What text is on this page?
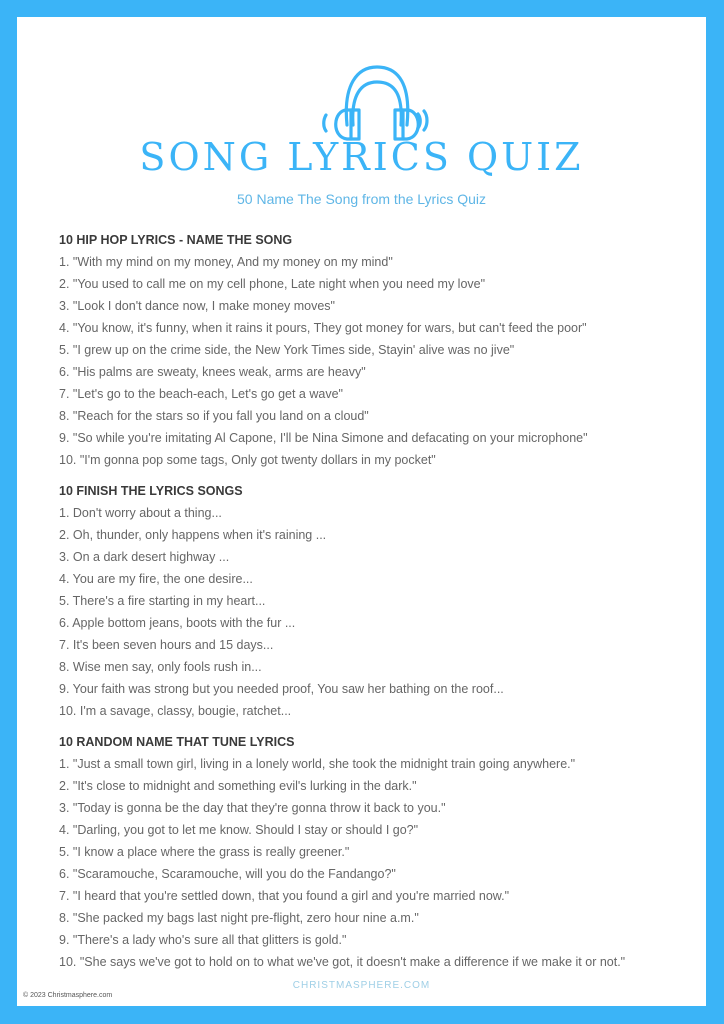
SONG LYRICS QUIZ
50 Name The Song from the Lyrics Quiz
10 HIP HOP LYRICS - NAME THE SONG
1. "With my mind on my money, And my money on my mind"
2. "You used to call me on my cell phone, Late night when you need my love"
3. "Look I don't dance now, I make money moves"
4. "You know, it's funny, when it rains it pours, They got money for wars, but can't feed the poor"
5. "I grew up on the crime side, the New York Times side, Stayin' alive was no jive"
6. "His palms are sweaty, knees weak, arms are heavy"
7. "Let's go to the beach-each, Let's go get a wave"
8. "Reach for the stars so if you fall you land on a cloud"
9. "So while you're imitating Al Capone, I'll be Nina Simone and defacating on your microphone"
10. "I'm gonna pop some tags, Only got twenty dollars in my pocket"
10 FINISH THE LYRICS SONGS
1. Don't worry about a thing...
2. Oh, thunder, only happens when it's raining ...
3. On a dark desert highway ...
4. You are my fire, the one desire...
5. There's a fire starting in my heart...
6. Apple bottom jeans, boots with the fur ...
7. It's been seven hours and 15 days...
8. Wise men say, only fools rush in...
9. Your faith was strong but you needed proof, You saw her bathing on the roof...
10. I'm a savage, classy, bougie, ratchet...
10 RANDOM NAME THAT TUNE LYRICS
1. "Just a small town girl, living in a lonely world, she took the midnight train going anywhere."
2. "It's close to midnight and something evil's lurking in the dark."
3. "Today is gonna be the day that they're gonna throw it back to you."
4. "Darling, you got to let me know. Should I stay or should I go?"
5. "I know a place where the grass is really greener."
6. "Scaramouche, Scaramouche, will you do the Fandango?"
7. "I heard that you're settled down, that you found a girl and you're married now."
8. "She packed my bags last night pre-flight, zero hour nine a.m."
9. "There's a lady who's sure all that glitters is gold."
10. "She says we've got to hold on to what we've got, it doesn't make a difference if we make it or not."
CHRISTMASPHERE.COM
© 2023 Christmasphere.com
